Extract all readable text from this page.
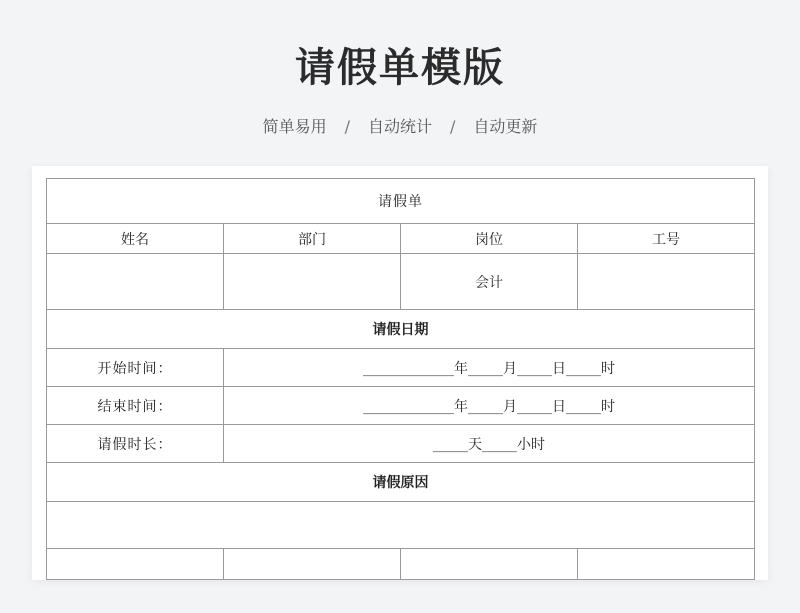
请假单模版
简单易用 / 自动统计 / 自动更新
请假单			
姓名	部门	岗位	工号
		会计	
请假日期			
开始时间：	_____________年_____月_____日_____时		
结束时间：	_____________年_____月_____日_____时		
请假时长：	_____天_____小时		
请假原因			
